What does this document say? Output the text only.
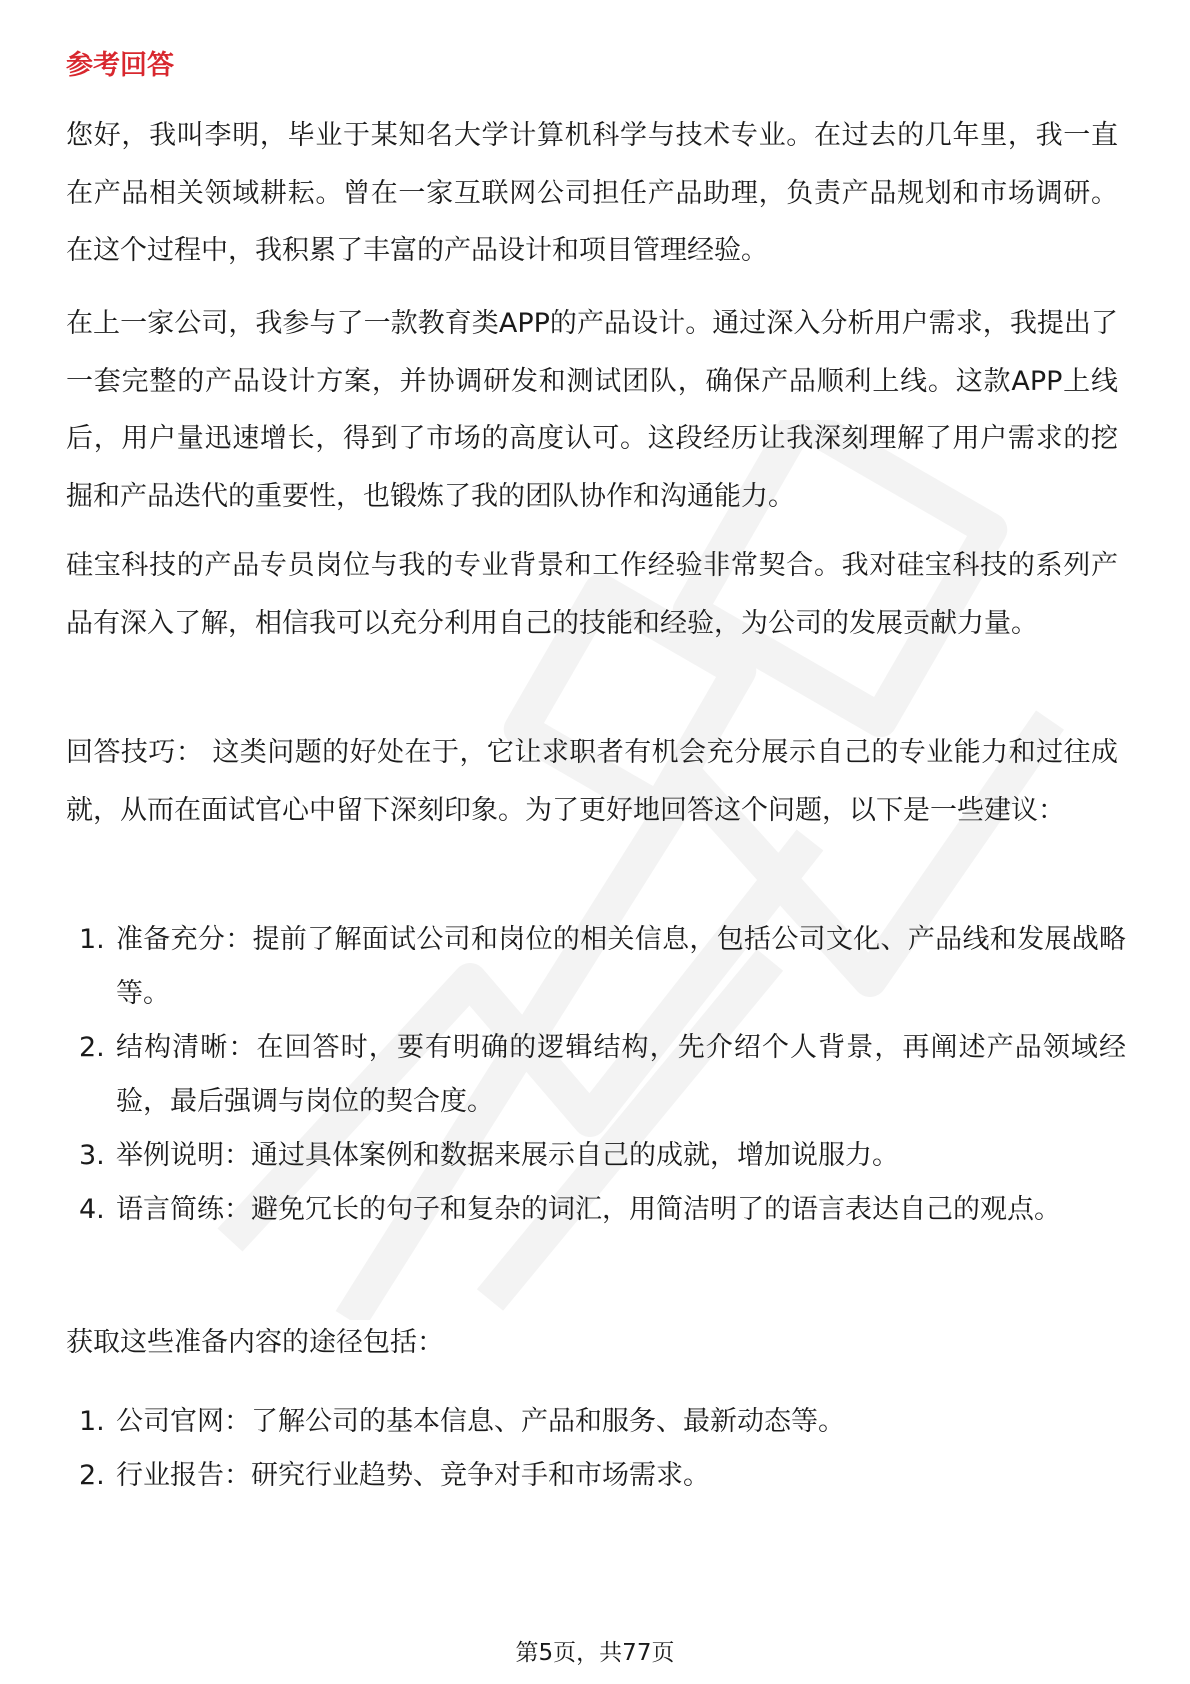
参考回答

您好，我叫李明，毕业于某知名大学计算机科学与技术专业。在过去的几年里，我一直在产品相关领域耕耘。曾在一家互联网公司担任产品助理，负责产品规划和市场调研。在这个过程中，我积累了丰富的产品设计和项目管理经验。

在上一家公司，我参与了一款教育类APP的产品设计。通过深入分析用户需求，我提出了一套完整的产品设计方案，并协调研发和测试团队，确保产品顺利上线。这款APP上线后，用户量迅速增长，得到了市场的高度认可。这段经历让我深刻理解了用户需求的挖掘和产品迭代的重要性，也锻炼了我的团队协作和沟通能力。

硅宝科技的产品专员岗位与我的专业背景和工作经验非常契合。我对硅宝科技的系列产品有深入了解，相信我可以充分利用自己的技能和经验，为公司的发展贡献力量。

回答技巧： 这类问题的好处在于，它让求职者有机会充分展示自己的专业能力和过往成就，从而在面试官心中留下深刻印象。为了更好地回答这个问题，以下是一些建议：

1. 准备充分：提前了解面试公司和岗位的相关信息，包括公司文化、产品线和发展战略等。
2. 结构清晰：在回答时，要有明确的逻辑结构，先介绍个人背景，再阐述产品领域经验，最后强调与岗位的契合度。
3. 举例说明：通过具体案例和数据来展示自己的成就，增加说服力。
4. 语言简练：避免冗长的句子和复杂的词汇，用简洁明了的语言表达自己的观点。

获取这些准备内容的途径包括：

1. 公司官网：了解公司的基本信息、产品和服务、最新动态等。
2. 行业报告：研究行业趋势、竞争对手和市场需求。
第5页，共77页
